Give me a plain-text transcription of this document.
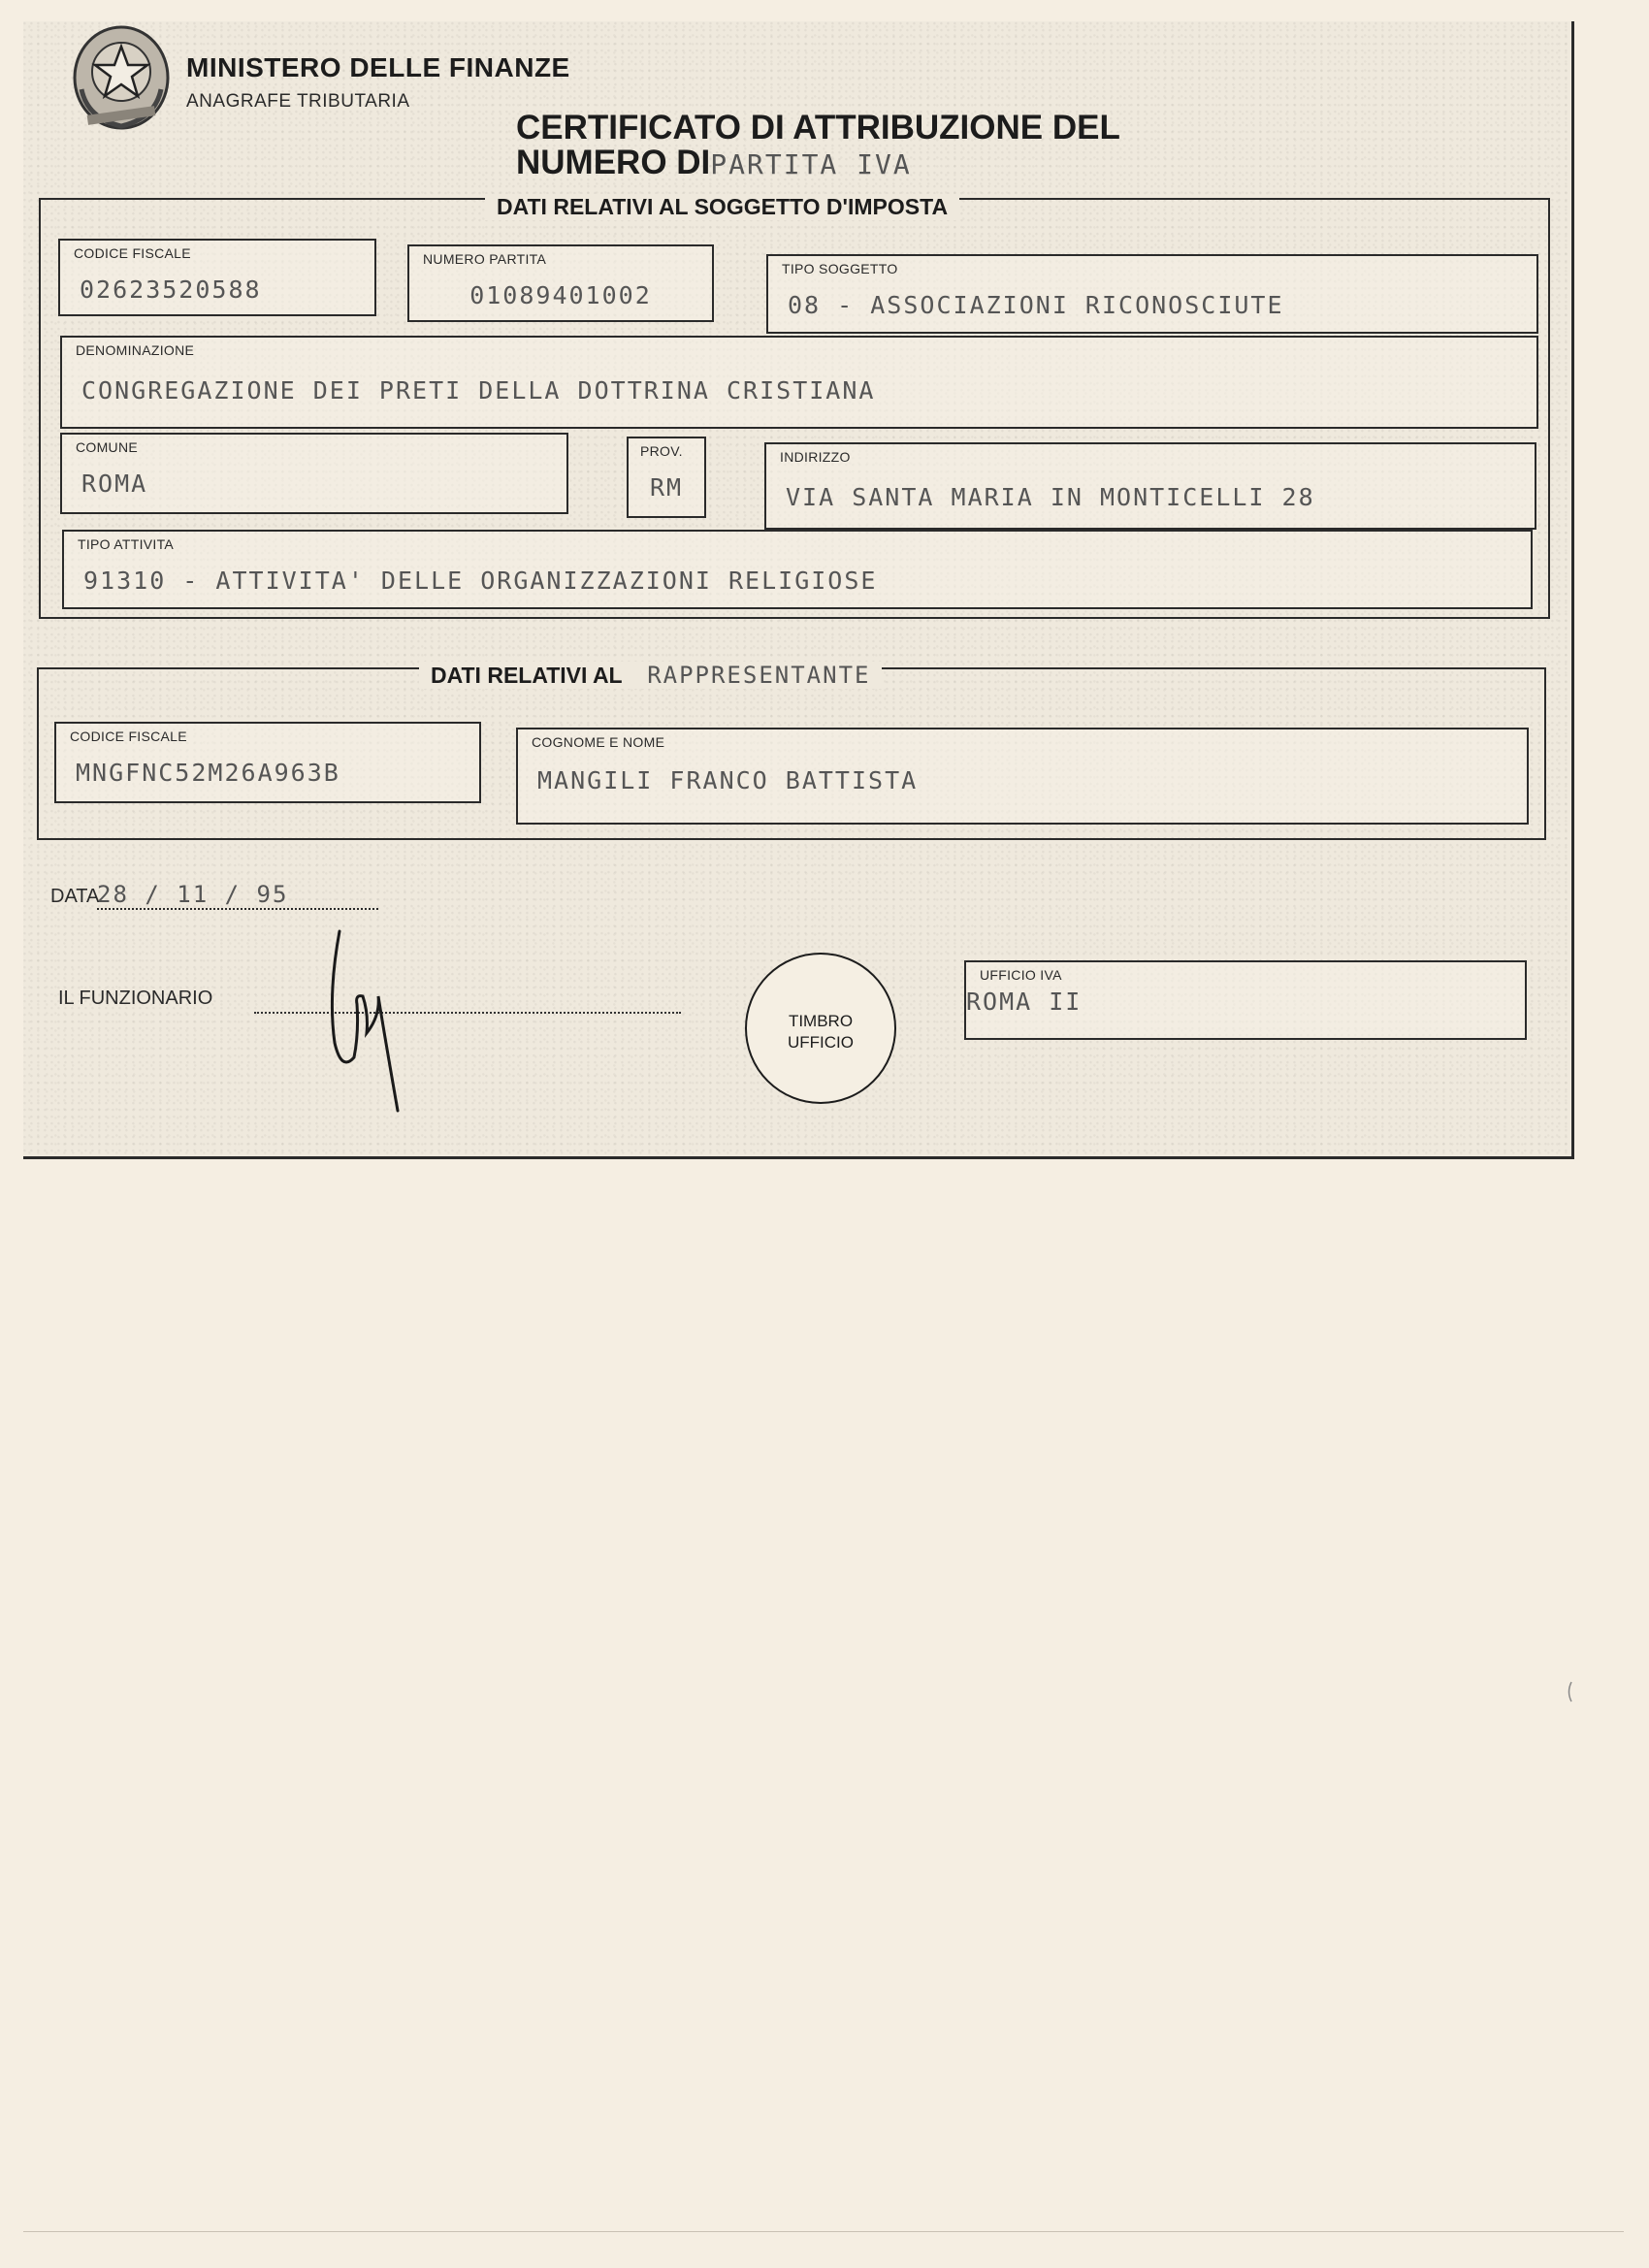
MINISTERO DELLE FINANZE
ANAGRAFE TRIBUTARIA
CERTIFICATO DI ATTRIBUZIONE DEL
NUMERO DIPARTITA IVA
DATI RELATIVI AL SOGGETTO D'IMPOSTA
CODICE FISCALE
02623520588
NUMERO PARTITA
01089401002
TIPO SOGGETTO
08 - ASSOCIAZIONI RICONOSCIUTE
DENOMINAZIONE
CONGREGAZIONE DEI PRETI DELLA DOTTRINA CRISTIANA
COMUNE
ROMA
PROV.
RM
INDIRIZZO
VIA SANTA MARIA IN MONTICELLI 28
TIPO ATTIVITA
91310 - ATTIVITA' DELLE ORGANIZZAZIONI RELIGIOSE
DATI RELATIVI AL RAPPRESENTANTE
CODICE FISCALE
MNGFNC52M26A963B
COGNOME E NOME
MANGILI FRANCO BATTISTA
DATA
28 / 11 / 95
IL FUNZIONARIO
TIMBRO
UFFICIO
UFFICIO IVA
ROMA II
